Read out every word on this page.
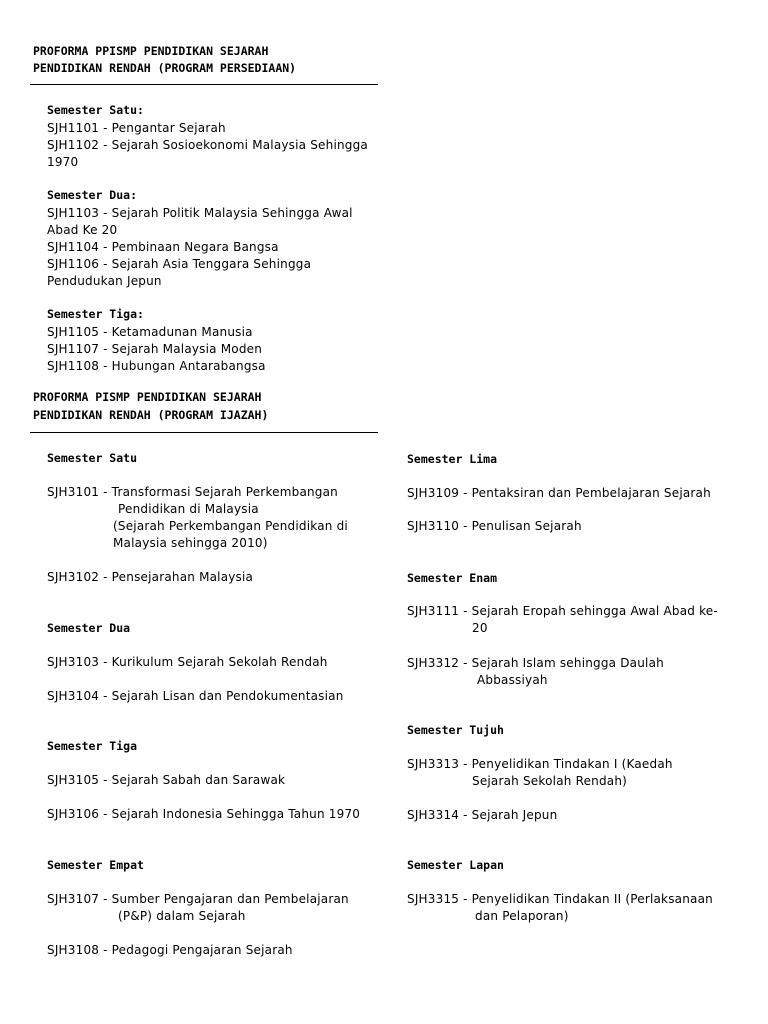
PROFORMA PPISMP PENDIDIKAN SEJARAH
PENDIDIKAN RENDAH (PROGRAM PERSEDIAAN)
Semester Satu:
SJH1101 - Pengantar Sejarah
SJH1102 - Sejarah Sosioekonomi Malaysia Sehingga
1970
Semester Dua:
SJH1103 - Sejarah Politik Malaysia Sehingga Awal
Abad Ke 20
SJH1104 - Pembinaan Negara Bangsa
SJH1106 - Sejarah Asia Tenggara Sehingga
Pendudukan Jepun
Semester Tiga:
SJH1105 - Ketamadunan Manusia
SJH1107 - Sejarah Malaysia Moden
SJH1108 - Hubungan Antarabangsa
PROFORMA PISMP PENDIDIKAN SEJARAH
PENDIDIKAN RENDAH (PROGRAM IJAZAH)
Semester Satu
SJH3101 - Transformasi Sejarah Perkembangan
Pendidikan di Malaysia
(Sejarah Perkembangan Pendidikan di
Malaysia sehingga 2010)
SJH3102 - Pensejarahan Malaysia
Semester Dua
SJH3103 - Kurikulum Sejarah Sekolah Rendah
SJH3104 - Sejarah Lisan dan Pendokumentasian
Semester Tiga
SJH3105 - Sejarah Sabah dan Sarawak
SJH3106 - Sejarah Indonesia Sehingga Tahun 1970
Semester Empat
SJH3107 - Sumber Pengajaran dan Pembelajaran
(P&P) dalam Sejarah
SJH3108 - Pedagogi Pengajaran Sejarah
Semester Lima
SJH3109 - Pentaksiran dan Pembelajaran Sejarah
SJH3110 - Penulisan Sejarah
Semester Enam
SJH3111 - Sejarah Eropah sehingga Awal Abad ke-
20
SJH3312 - Sejarah Islam sehingga Daulah
Abbassiyah
Semester Tujuh
SJH3313 - Penyelidikan Tindakan I (Kaedah
Sejarah Sekolah Rendah)
SJH3314 - Sejarah Jepun
Semester Lapan
SJH3315 - Penyelidikan Tindakan II (Perlaksanaan
dan Pelaporan)
